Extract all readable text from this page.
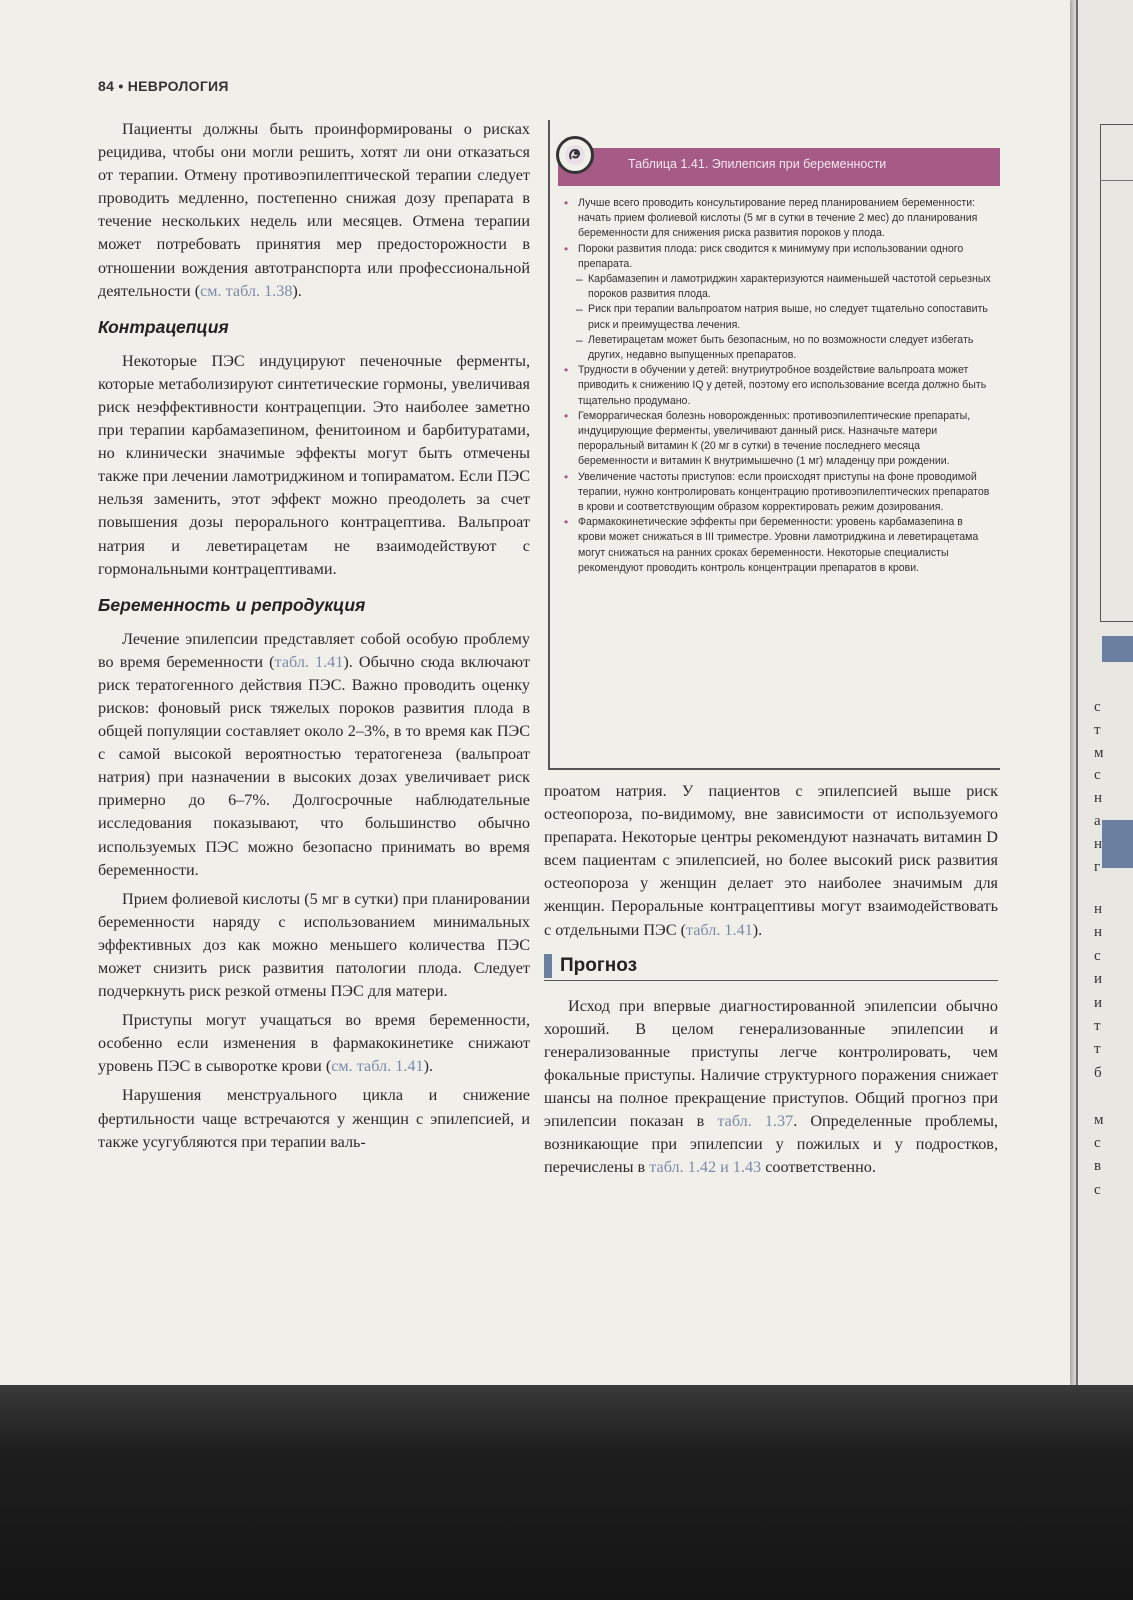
84 • НЕВРОЛОГИЯ

Пациенты должны быть проинформированы о рисках рецидива, чтобы они могли решить, хотят ли они отказаться от терапии. Отмену противоэпилептической терапии следует проводить медленно, постепенно снижая дозу препарата в течение нескольких недель или месяцев. Отмена терапии может потребовать принятия мер предосторожности в отношении вождения автотранспорта или профессиональной деятельности (см. табл. 1.38).

Контрацепция

Некоторые ПЭС индуцируют печеночные ферменты, которые метаболизируют синтетические гормоны, увеличивая риск неэффективности контрацепции. Это наиболее заметно при терапии карбамазепином, фенитоином и барбитуратами, но клинически значимые эффекты могут быть отмечены также при лечении ламотриджином и топираматом. Если ПЭС нельзя заменить, этот эффект можно преодолеть за счет повышения дозы перорального контрацептива. Вальпроат натрия и леветирацетам не взаимодействуют с гормональными контрацептивами.

Беременность и репродукция

Лечение эпилепсии представляет собой особую проблему во время беременности (табл. 1.41). Обычно сюда включают риск тератогенного действия ПЭС. Важно проводить оценку рисков: фоновый риск тяжелых пороков развития плода в общей популяции составляет около 2–3%, в то время как ПЭС с самой высокой вероятностью тератогенеза (вальпроат натрия) при назначении в высоких дозах увеличивает риск примерно до 6–7%. Долгосрочные наблюдательные исследования показывают, что большинство обычно используемых ПЭС можно безопасно принимать во время беременности.

Прием фолиевой кислоты (5 мг в сутки) при планировании беременности наряду с использованием минимальных эффективных доз как можно меньшего количества ПЭС может снизить риск развития патологии плода. Следует подчеркнуть риск резкой отмены ПЭС для матери.

Приступы могут учащаться во время беременности, особенно если изменения в фармакокинетике снижают уровень ПЭС в сыворотке крови (см. табл. 1.41).

Нарушения менструального цикла и снижение фертильности чаще встречаются у женщин с эпилепсией, и также усугубляются при терапии валь-

Таблица 1.41. Эпилепсия при беременности
• Лучше всего проводить консультирование перед планированием беременности: начать прием фолиевой кислоты (5 мг в сутки в течение 2 мес) до планирования беременности для снижения риска развития пороков у плода.
• Пороки развития плода: риск сводится к минимуму при использовании одного препарата.
– Карбамазепин и ламотриджин характеризуются наименьшей частотой серьезных пороков развития плода.
– Риск при терапии вальпроатом натрия выше, но следует тщательно сопоставить риск и преимущества лечения.
– Леветирацетам может быть безопасным, но по возможности следует избегать других, недавно выпущенных препаратов.
• Трудности в обучении у детей: внутриутробное воздействие вальпроата может приводить к снижению IQ у детей, поэтому его использование всегда должно быть тщательно продумано.
• Геморрагическая болезнь новорожденных: противоэпилептические препараты, индуцирующие ферменты, увеличивают данный риск. Назначьте матери пероральный витамин К (20 мг в сутки) в течение последнего месяца беременности и витамин К внутримышечно (1 мг) младенцу при рождении.
• Увеличение частоты приступов: если происходят приступы на фоне проводимой терапии, нужно контролировать концентрацию противоэпилептических препаратов в крови и соответствующим образом корректировать режим дозирования.
• Фармакокинетические эффекты при беременности: уровень карбамазепина в крови может снижаться в III триместре. Уровни ламотриджина и леветирацетама могут снижаться на ранних сроках беременности. Некоторые специалисты рекомендуют проводить контроль концентрации препаратов в крови.

проатом натрия. У пациентов с эпилепсией выше риск остеопороза, по-видимому, вне зависимости от используемого препарата. Некоторые центры рекомендуют назначать витамин D всем пациентам с эпилепсией, но более высокий риск развития остеопороза у женщин делает это наиболее значимым для женщин. Пероральные контрацептивы могут взаимодействовать с отдельными ПЭС (табл. 1.41).

Прогноз

Исход при впервые диагностированной эпилепсии обычно хороший. В целом генерализованные эпилепсии и генерализованные приступы легче контролировать, чем фокальные приступы. Наличие структурного поражения снижает шансы на полное прекращение приступов. Общий прогноз при эпилепсии показан в табл. 1.37. Определенные проблемы, возникающие при эпилепсии у пожилых и у подростков, перечислены в табл. 1.42 и 1.43 соответственно.

с
т
м
с
н
а
н
г
н
н
с
и
и
т
т
б

м
с
в
с
